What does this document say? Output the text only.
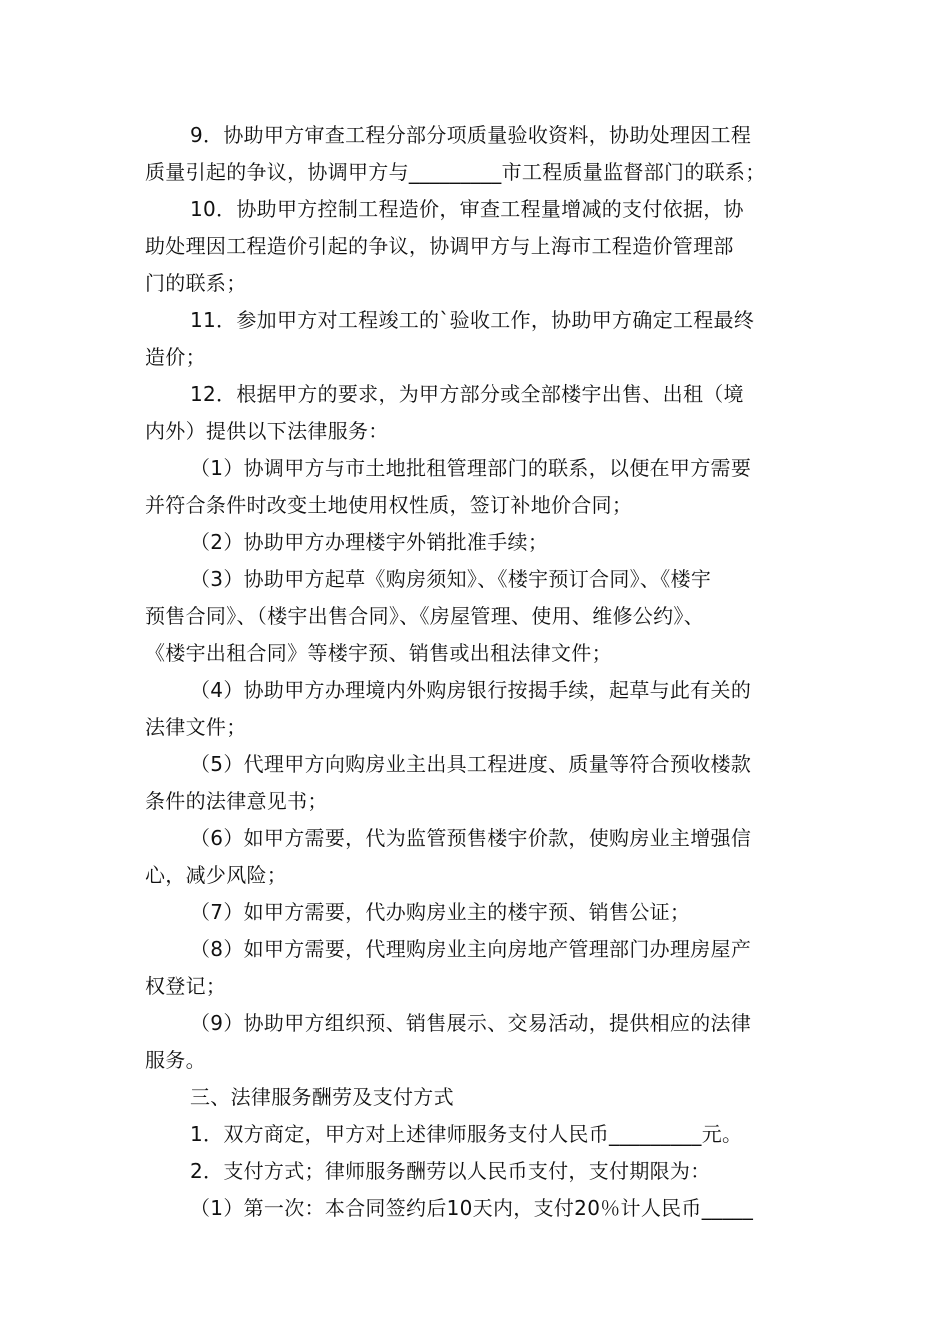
9．协助甲方审查工程分部分项质量验收资料，协助处理因工程
质量引起的争议，协调甲方与_________市工程质量监督部门的联系；
10．协助甲方控制工程造价，审查工程量增减的支付依据，协
助处理因工程造价引起的争议，协调甲方与上海市工程造价管理部
门的联系；
11．参加甲方对工程竣工的`验收工作，协助甲方确定工程最终
造价；
12．根据甲方的要求，为甲方部分或全部楼宇出售、出租（境
内外）提供以下法律服务：
（1）协调甲方与市土地批租管理部门的联系，以便在甲方需要
并符合条件时改变土地使用权性质，签订补地价合同；
（2）协助甲方办理楼宇外销批准手续；
（3）协助甲方起草《购房须知》、《楼宇预订合同》、《楼宇
预售合同》、（楼宇出售合同》、《房屋管理、使用、维修公约》、
《楼宇出租合同》等楼宇预、销售或出租法律文件；
（4）协助甲方办理境内外购房银行按揭手续，起草与此有关的
法律文件；
（5）代理甲方向购房业主出具工程进度、质量等符合预收楼款
条件的法律意见书；
（6）如甲方需要，代为监管预售楼宇价款，使购房业主增强信
心，减少风险；
（7）如甲方需要，代办购房业主的楼宇预、销售公证；
（8）如甲方需要，代理购房业主向房地产管理部门办理房屋产
权登记；
（9）协助甲方组织预、销售展示、交易活动，提供相应的法律
服务。
三、法律服务酬劳及支付方式
1．双方商定，甲方对上述律师服务支付人民币_________元。
2．支付方式；律师服务酬劳以人民币支付，支付期限为：
（1）第一次：本合同签约后10天内，支付20％计人民币_____
